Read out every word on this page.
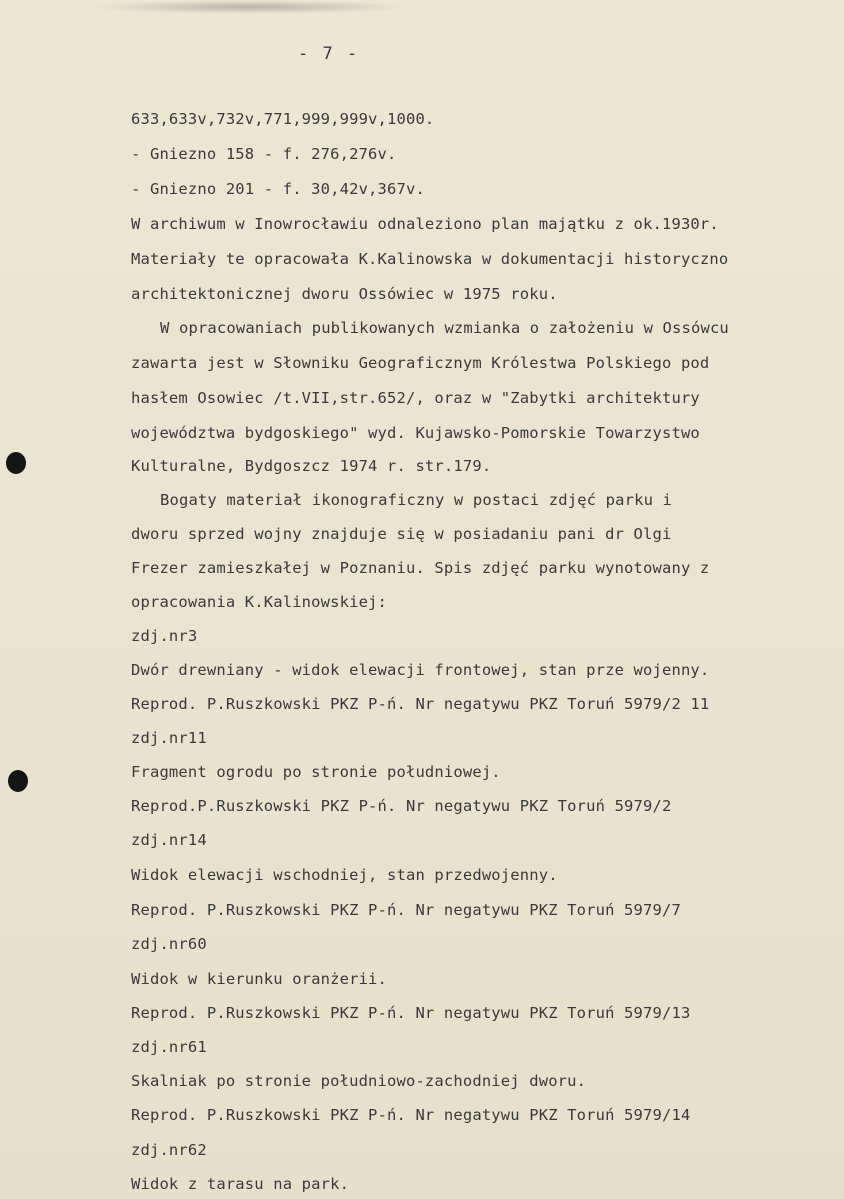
- 7 -
633,633v,732v,771,999,999v,1000.
- Gniezno 158 - f. 276,276v.
- Gniezno 201 - f. 30,42v,367v.
W archiwum w Inowrocławiu odnaleziono plan majątku z ok.1930r.
Materiały te opracowała K.Kalinowska w dokumentacji historyczno
architektonicznej dworu Ossówiec w 1975 roku.
W opracowaniach publikowanych wzmianka o założeniu w Ossówcu
zawarta jest w Słowniku Geograficznym Królestwa Polskiego pod
hasłem Osowiec /t.VII,str.652/, oraz w "Zabytki architektury
województwa bydgoskiego" wyd. Kujawsko-Pomorskie Towarzystwo
Kulturalne, Bydgoszcz 1974 r. str.179.
Bogaty materiał ikonograficzny w postaci zdjęć parku i
dworu sprzed wojny znajduje się w posiadaniu pani dr Olgi
Frezer zamieszkałej w Poznaniu. Spis zdjęć parku wynotowany z
opracowania K.Kalinowskiej:
zdj.nr3
Dwór drewniany - widok elewacji frontowej, stan prze wojenny.
Reprod. P.Ruszkowski PKZ P-ń. Nr negatywu PKZ Toruń 5979/2 11
zdj.nr11
Fragment ogrodu po stronie południowej.
Reprod.P.Ruszkowski PKZ P-ń. Nr negatywu PKZ Toruń 5979/2
zdj.nr14
Widok elewacji wschodniej, stan przedwojenny.
Reprod. P.Ruszkowski PKZ P-ń. Nr negatywu PKZ Toruń 5979/7
zdj.nr60
Widok w kierunku oranżerii.
Reprod. P.Ruszkowski PKZ P-ń. Nr negatywu PKZ Toruń 5979/13
zdj.nr61
Skalniak po stronie południowo-zachodniej dworu.
Reprod. P.Ruszkowski PKZ P-ń. Nr negatywu PKZ Toruń 5979/14
zdj.nr62
Widok z tarasu na park.
